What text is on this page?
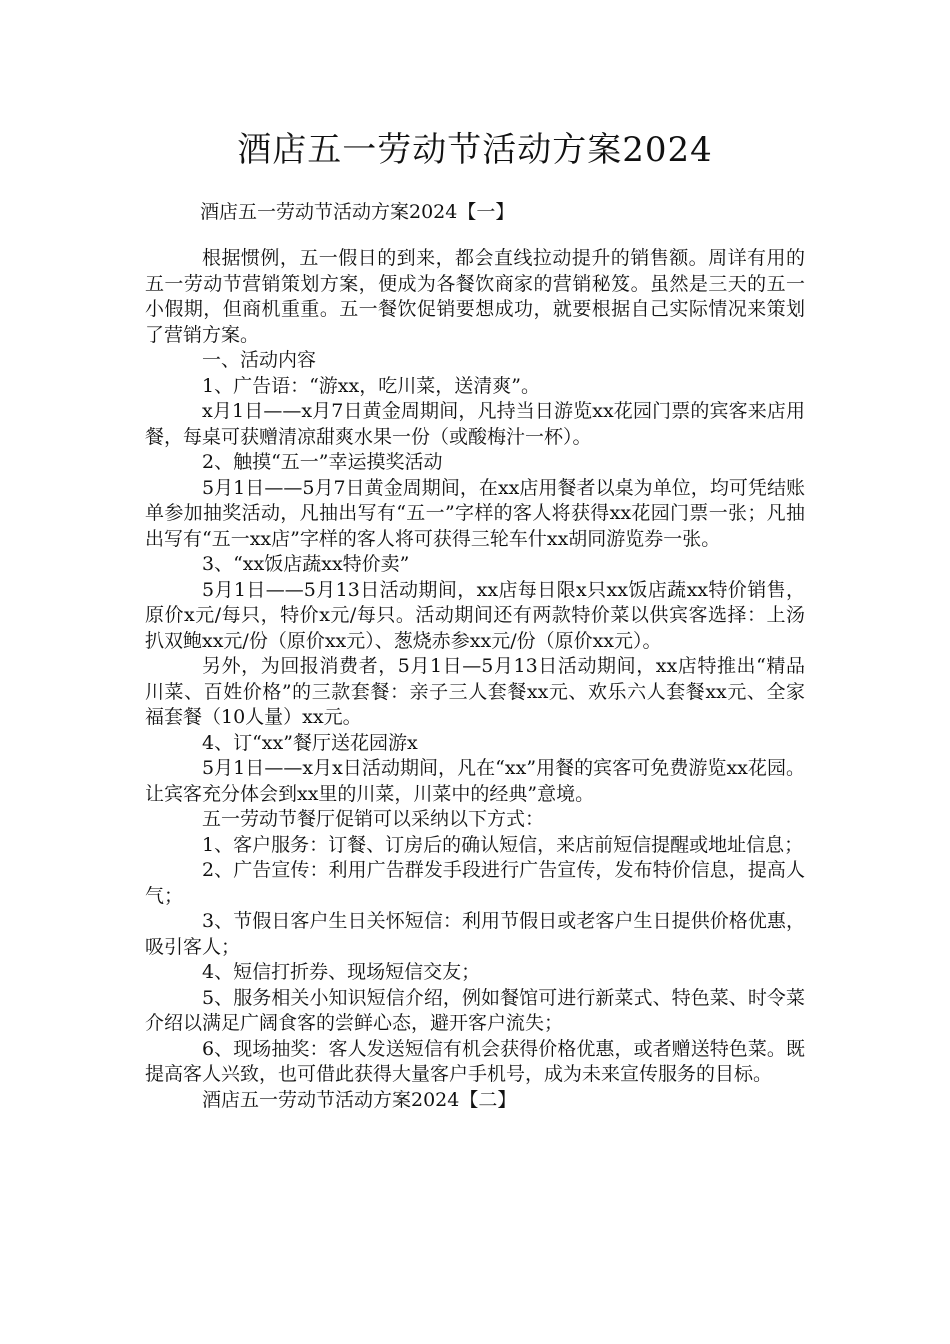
酒店五一劳动节活动方案2024

酒店五一劳动节活动方案2024【一】

根据惯例，五一假日的到来，都会直线拉动提升的销售额。周详有用的五一劳动节营销策划方案，便成为各餐饮商家的营销秘笈。虽然是三天的五一小假期，但商机重重。五一餐饮促销要想成功，就要根据自己实际情况来策划了营销方案。

一、活动内容

1、广告语：“游xx，吃川菜，送清爽”。

x月1日——x月7日黄金周期间，凡持当日游览xx花园门票的宾客来店用餐，每桌可获赠清凉甜爽水果一份（或酸梅汁一杯）。

2、触摸“五一”幸运摸奖活动

5月1日——5月7日黄金周期间，在xx店用餐者以桌为单位，均可凭结账单参加抽奖活动，凡抽出写有“五一”字样的客人将获得xx花园门票一张；凡抽出写有“五一xx店”字样的客人将可获得三轮车什xx胡同游览券一张。

3、“xx饭店蔬xx特价卖”

5月1日——5月13日活动期间，xx店每日限x只xx饭店蔬xx特价销售，原价x元/每只，特价x元/每只。活动期间还有两款特价菜以供宾客选择：上汤扒双鲍xx元/份（原价xx元）、葱烧赤参xx元/份（原价xx元）。

另外，为回报消费者，5月1日—5月13日活动期间，xx店特推出“精品川菜、百姓价格”的三款套餐：亲子三人套餐xx元、欢乐六人套餐xx元、全家福套餐（10人量）xx元。

4、订“xx”餐厅送花园游x

5月1日——x月x日活动期间，凡在“xx”用餐的宾客可免费游览xx花园。让宾客充分体会到xx里的川菜，川菜中的经典”意境。

五一劳动节餐厅促销可以采纳以下方式：

1、客户服务：订餐、订房后的确认短信，来店前短信提醒或地址信息；

2、广告宣传：利用广告群发手段进行广告宣传，发布特价信息，提高人气；

3、节假日客户生日关怀短信：利用节假日或老客户生日提供价格优惠，吸引客人；

4、短信打折券、现场短信交友；

5、服务相关小知识短信介绍，例如餐馆可进行新菜式、特色菜、时令菜介绍以满足广阔食客的尝鲜心态，避开客户流失；

6、现场抽奖：客人发送短信有机会获得价格优惠，或者赠送特色菜。既提高客人兴致，也可借此获得大量客户手机号，成为未来宣传服务的目标。

酒店五一劳动节活动方案2024【二】
